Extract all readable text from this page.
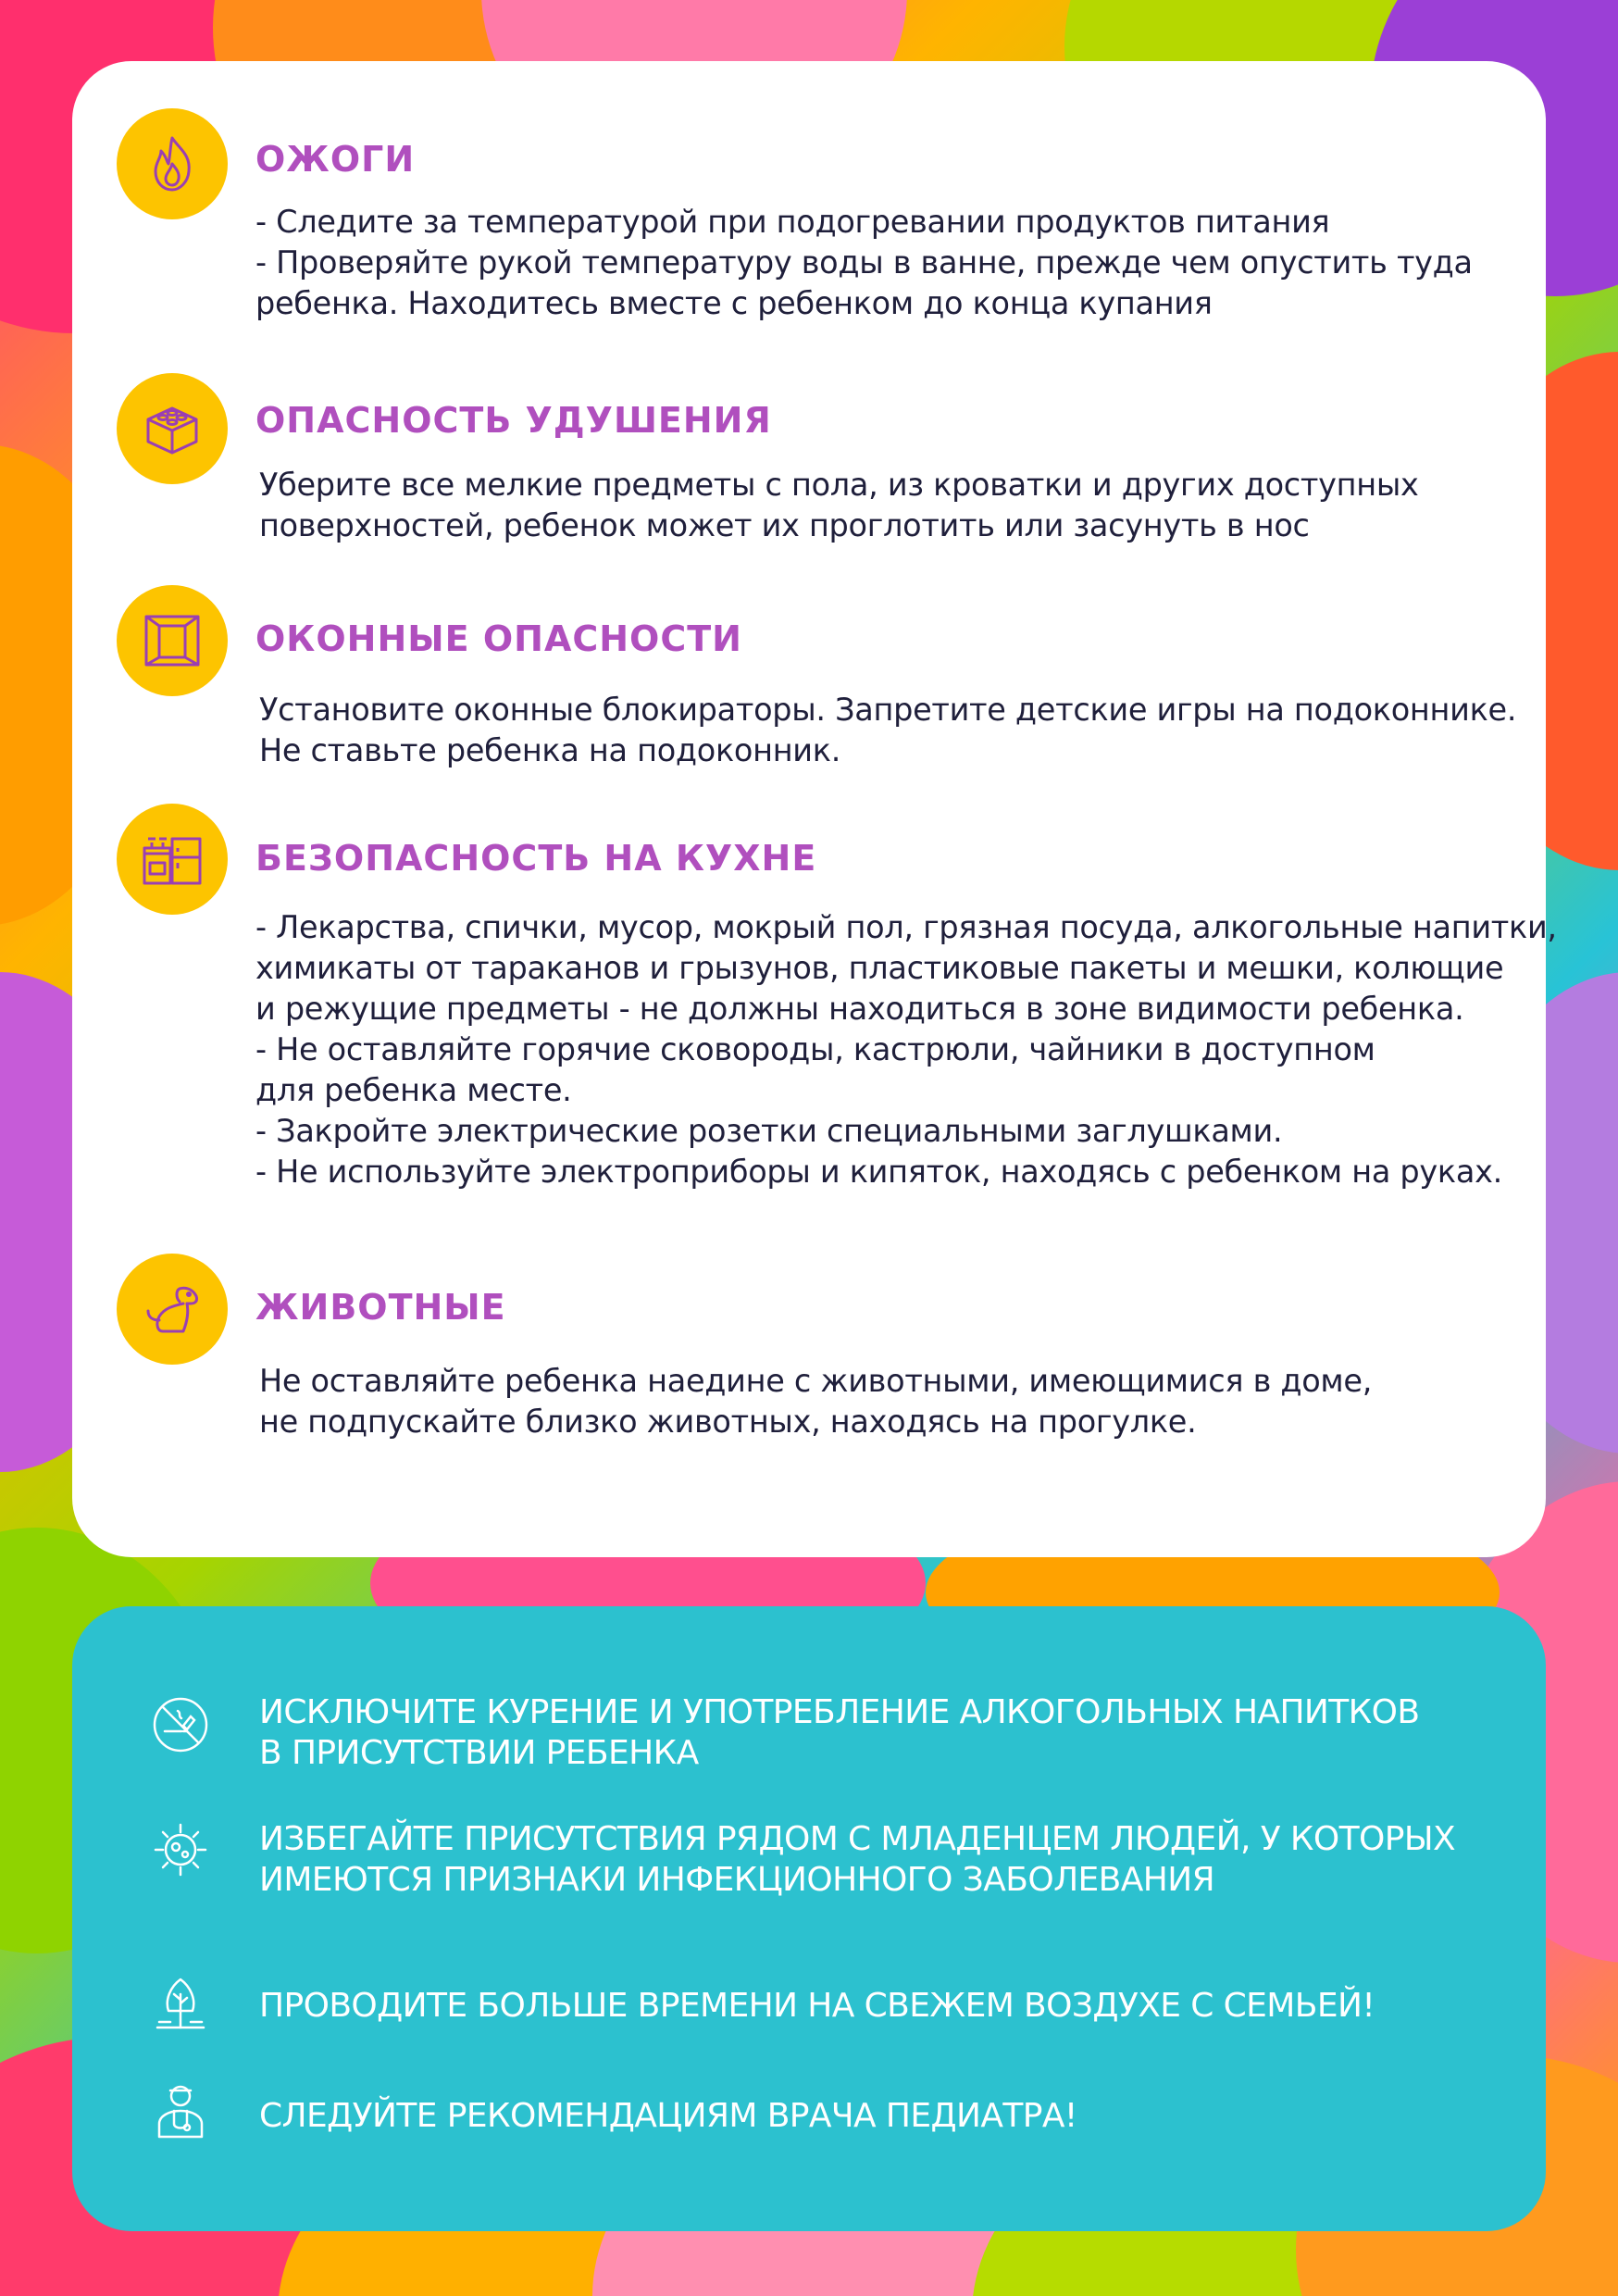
ОЖОГИ
- Следите за температурой при подогревании продуктов питания
- Проверяйте рукой температуру воды в ванне, прежде чем опустить туда
ребенка. Находитесь вместе с ребенком до конца купания
ОПАСНОСТЬ УДУШЕНИЯ
Уберите все мелкие предметы с пола, из кроватки и других доступных
поверхностей, ребенок может их проглотить или засунуть в нос
ОКОННЫЕ ОПАСНОСТИ
Установите оконные блокираторы. Запретите детские игры на подоконнике.
Не ставьте ребенка на подоконник.
БЕЗОПАСНОСТЬ НА КУХНЕ
- Лекарства, спички, мусор, мокрый пол, грязная посуда, алкогольные напитки,
химикаты от тараканов и грызунов, пластиковые пакеты и мешки, колющие
и режущие предметы - не должны находиться в зоне видимости ребенка.
- Не оставляйте горячие сковороды, кастрюли, чайники в доступном
для ребенка месте.
- Закройте электрические розетки специальными заглушками.
- Не используйте электроприборы и кипяток, находясь с ребенком на руках.
ЖИВОТНЫЕ
Не оставляйте ребенка наедине с животными, имеющимися в доме,
не подпускайте близко животных, находясь на прогулке.
ИСКЛЮЧИТЕ КУРЕНИЕ И УПОТРЕБЛЕНИЕ АЛКОГОЛЬНЫХ НАПИТКОВ
В ПРИСУТСТВИИ РЕБЕНКА
ИЗБЕГАЙТЕ ПРИСУТСТВИЯ РЯДОМ С МЛАДЕНЦЕМ ЛЮДЕЙ, У КОТОРЫХ
ИМЕЮТСЯ ПРИЗНАКИ ИНФЕКЦИОННОГО ЗАБОЛЕВАНИЯ
ПРОВОДИТЕ БОЛЬШЕ ВРЕМЕНИ НА СВЕЖЕМ ВОЗДУХЕ С СЕМЬЕЙ!
СЛЕДУЙТЕ РЕКОМЕНДАЦИЯМ ВРАЧА ПЕДИАТРА!
